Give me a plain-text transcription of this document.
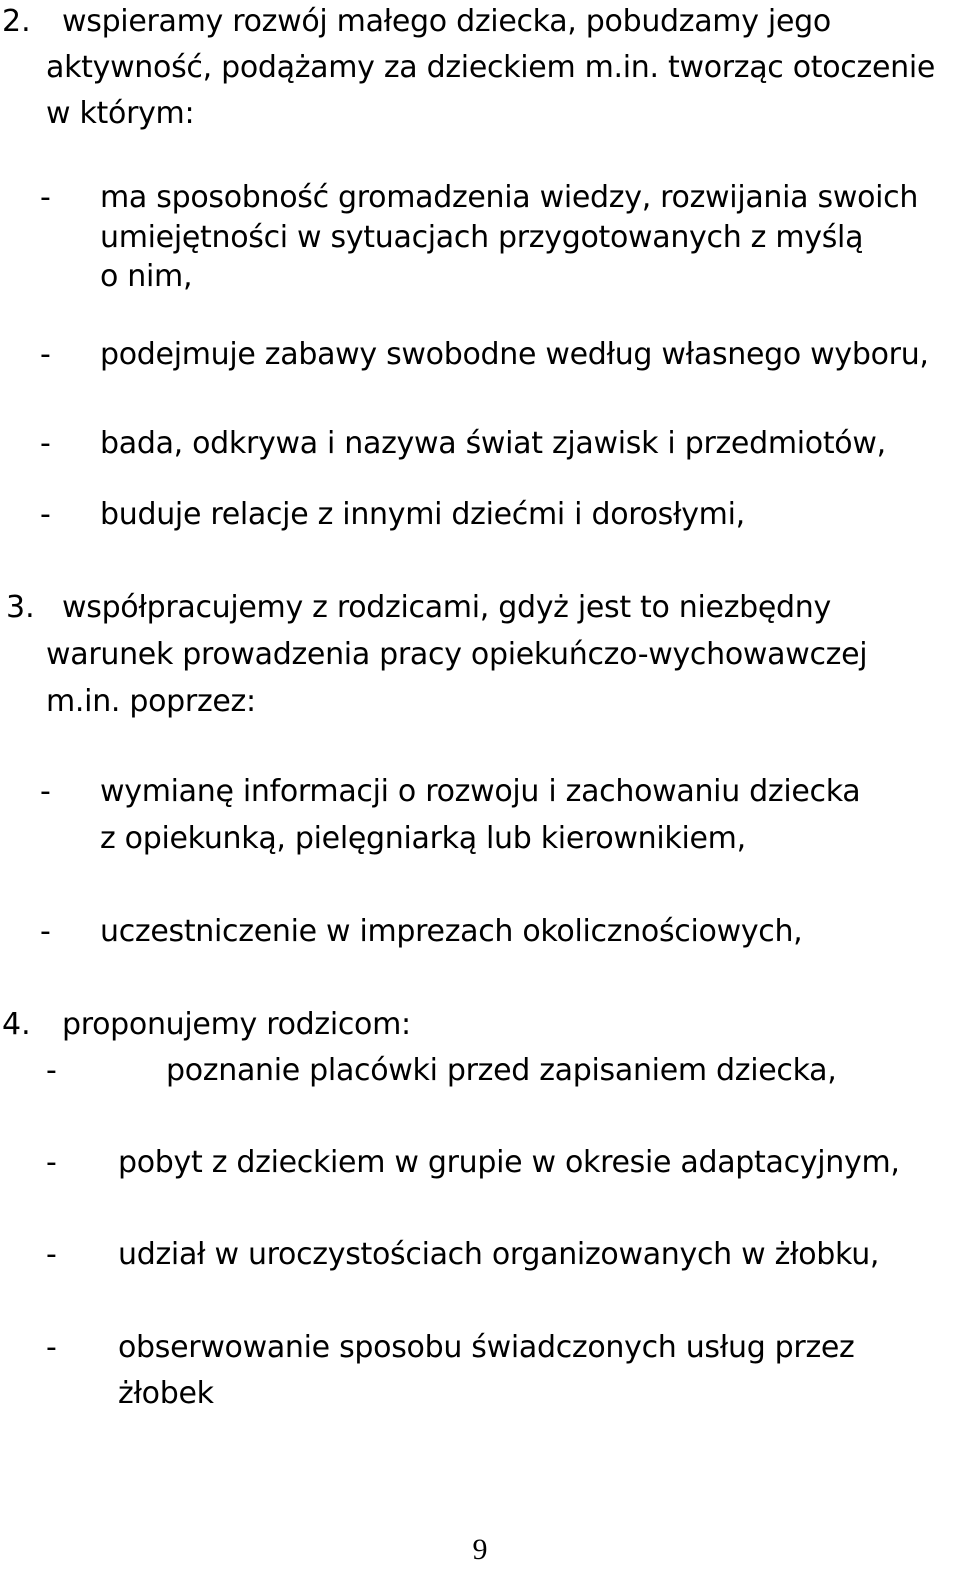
2. wspieramy rozwój małego dziecka, pobudzamy jego
aktywność, podążamy za dzieckiem m.in. tworząc otoczenie
w którym:
- ma sposobność gromadzenia wiedzy, rozwijania swoich
umiejętności w sytuacjach przygotowanych z myślą
o nim,
- podejmuje zabawy swobodne według własnego wyboru,
- bada, odkrywa i nazywa świat zjawisk i przedmiotów,
- buduje relacje z innymi dziećmi i dorosłymi,
3. współpracujemy z rodzicami, gdyż jest to niezbędny
warunek prowadzenia pracy opiekuńczo-wychowawczej
m.in. poprzez:
- wymianę informacji o rozwoju i zachowaniu dziecka
z opiekunką, pielęgniarką lub kierownikiem,
- uczestniczenie w imprezach okolicznościowych,
4. proponujemy rodzicom:
-	poznanie placówki przed zapisaniem dziecka,
- pobyt z dzieckiem w grupie w okresie adaptacyjnym,
- udział w uroczystościach organizowanych w żłobku,
- obserwowanie sposobu świadczonych usług przez
żłobek
9
